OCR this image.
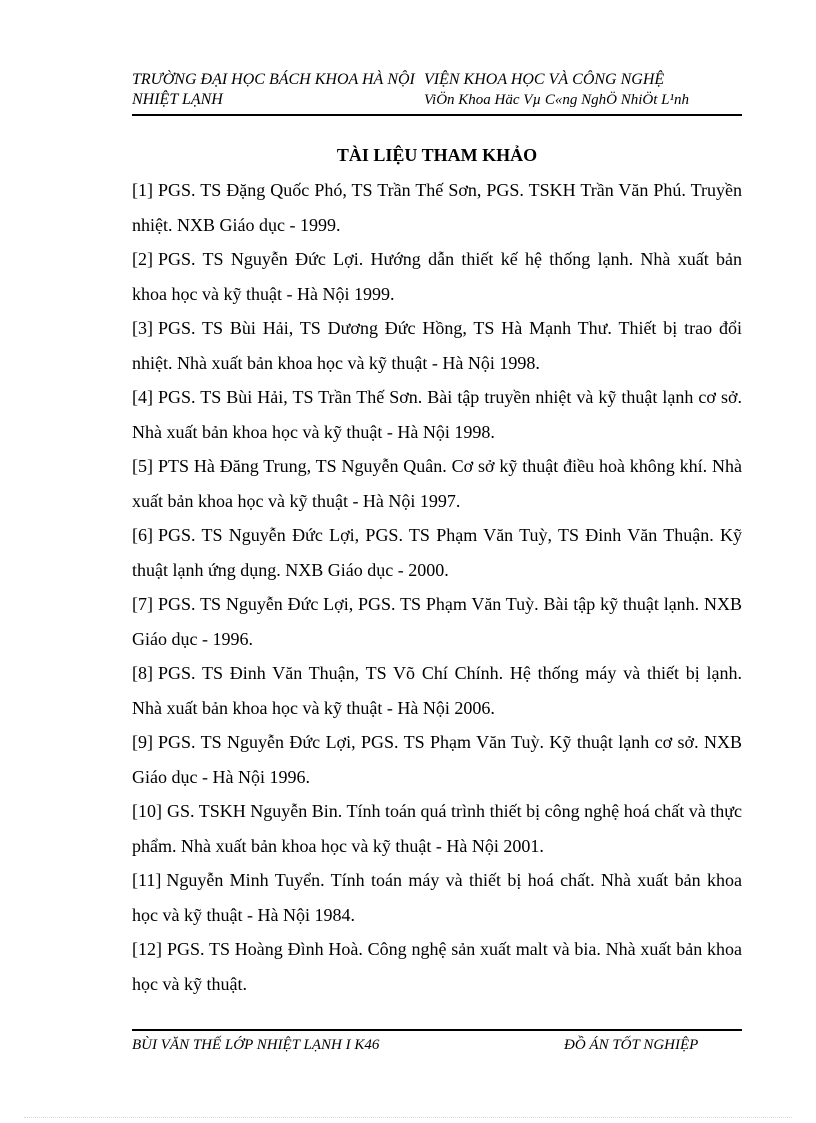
TRƯỜNG ĐẠI HỌC BÁCH KHOA HÀ NỘI
NHIỆT LẠNH
VIỆN KHOA HỌC VÀ CÔNG NGHỆ
ViÖn Khoa Häc Vµ C«ng NghÖ NhiÖt L¹nh
TÀI LIỆU THAM KHẢO

[1] PGS. TS Đặng Quốc Phó, TS Trần Thế Sơn, PGS. TSKH Trần Văn Phú. Truyền nhiệt. NXB Giáo dục - 1999.

[2] PGS. TS Nguyễn Đức Lợi. Hướng dẫn thiết kế hệ thống lạnh. Nhà xuất bản khoa học và kỹ thuật - Hà Nội 1999.

[3] PGS. TS Bùi Hải, TS Dương Đức Hồng, TS Hà Mạnh Thư. Thiết bị trao đổi nhiệt. Nhà xuất bản khoa học và kỹ thuật - Hà Nội 1998.

[4] PGS. TS Bùi Hải, TS Trần Thế Sơn. Bài tập truyền nhiệt và kỹ thuật lạnh cơ sở. Nhà xuất bản khoa học và kỹ thuật - Hà Nội 1998.

[5] PTS Hà Đăng Trung, TS Nguyễn Quân. Cơ sở kỹ thuật điều hoà không khí. Nhà xuất bản khoa học và kỹ thuật - Hà Nội 1997.

[6] PGS. TS Nguyễn Đức Lợi, PGS. TS Phạm Văn Tuỳ, TS Đinh Văn Thuận. Kỹ thuật lạnh ứng dụng. NXB Giáo dục - 2000.

[7] PGS. TS Nguyễn Đức Lợi, PGS. TS Phạm Văn Tuỳ. Bài tập kỹ thuật lạnh. NXB Giáo dục - 1996.

[8] PGS. TS Đinh Văn Thuận, TS Võ Chí Chính. Hệ thống máy và thiết bị lạnh. Nhà xuất bản khoa học và kỹ thuật - Hà Nội 2006.

[9] PGS. TS Nguyễn Đức Lợi, PGS. TS Phạm Văn Tuỳ. Kỹ thuật lạnh cơ sở. NXB Giáo dục - Hà Nội 1996.

[10] GS. TSKH Nguyễn Bin. Tính toán quá trình thiết bị công nghệ hoá chất và thực phẩm. Nhà xuất bản khoa học và kỹ thuật - Hà Nội 2001.

[11] Nguyễn Minh Tuyển. Tính toán máy và thiết bị hoá chất. Nhà xuất bản khoa học và kỹ thuật - Hà Nội 1984.

[12] PGS. TS Hoàng Đình Hoà. Công nghệ sản xuất malt và bia. Nhà xuất bản khoa học và kỹ thuật.

BÙI VĂN THẾ LỚP NHIỆT LẠNH I K46	ĐỒ ÁN TỐT NGHIỆP
